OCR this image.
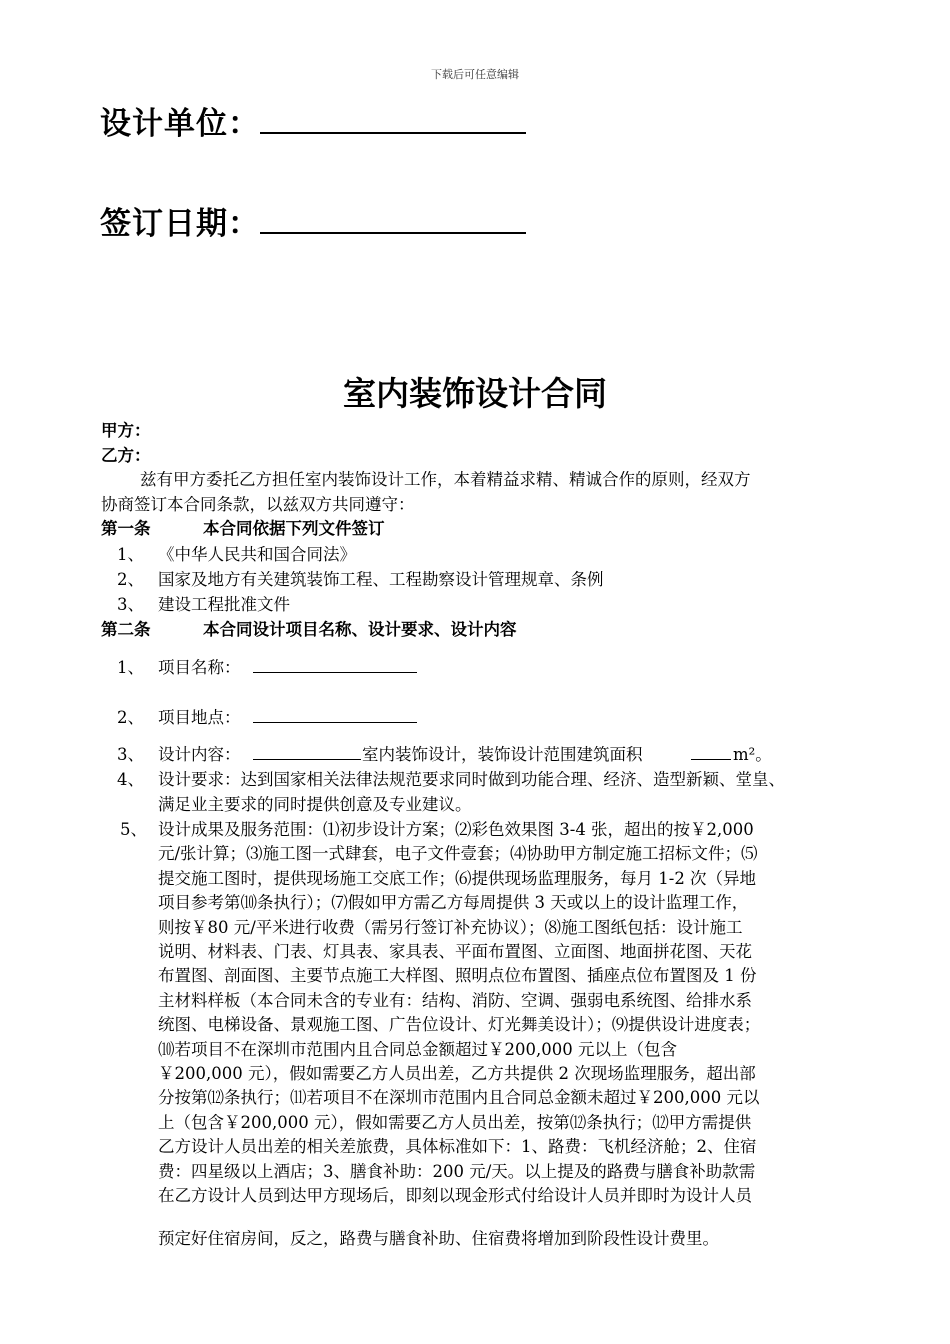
下载后可任意编辑
设计单位：
签订日期：
室内装饰设计合同
甲方：
乙方：
兹有甲方委托乙方担任室内装饰设计工作，本着精益求精、精诚合作的原则，经双方
协商签订本合同条款，以兹双方共同遵守：
第一条	本合同依据下列文件签订
1、 《中华人民共和国合同法》
2、 国家及地方有关建筑装饰工程、工程勘察设计管理规章、条例
3、 建设工程批准文件
第二条	本合同设计项目名称、设计要求、设计内容
1、 项目名称：
2、 项目地点：
3、 设计内容：	室内装饰设计，装饰设计范围建筑面积	m²。
4、 设计要求：达到国家相关法律法规范要求同时做到功能合理、经济、造型新颖、堂皇、
满足业主要求的同时提供创意及专业建议。
5、 设计成果及服务范围：⑴初步设计方案；⑵彩色效果图 3-4 张，超出的按￥2,000
元/张计算；⑶施工图一式肆套，电子文件壹套；⑷协助甲方制定施工招标文件；⑸
提交施工图时，提供现场施工交底工作；⑹提供现场监理服务，每月 1-2 次（异地
项目参考第⑽条执行）；⑺假如甲方需乙方每周提供 3 天或以上的设计监理工作，
则按￥80 元/平米进行收费（需另行签订补充协议）；⑻施工图纸包括：设计施工
说明、材料表、门表、灯具表、家具表、平面布置图、立面图、地面拼花图、天花
布置图、剖面图、主要节点施工大样图、照明点位布置图、插座点位布置图及 1 份
主材料样板（本合同未含的专业有：结构、消防、空调、强弱电系统图、给排水系
统图、电梯设备、景观施工图、广告位设计、灯光舞美设计）；⑼提供设计进度表；
⑽若项目不在深圳市范围内且合同总金额超过￥200,000 元以上（包含
￥200,000 元），假如需要乙方人员出差，乙方共提供 2 次现场监理服务，超出部
分按第⑿条执行；⑾若项目不在深圳市范围内且合同总金额未超过￥200,000 元以
上（包含￥200,000 元），假如需要乙方人员出差，按第⑿条执行；⑿甲方需提供
乙方设计人员出差的相关差旅费，具体标准如下：1、路费：飞机经济舱；2、住宿
费：四星级以上酒店；3、膳食补助：200 元/天。以上提及的路费与膳食补助款需
在乙方设计人员到达甲方现场后，即刻以现金形式付给设计人员并即时为设计人员
预定好住宿房间，反之，路费与膳食补助、住宿费将增加到阶段性设计费里。
